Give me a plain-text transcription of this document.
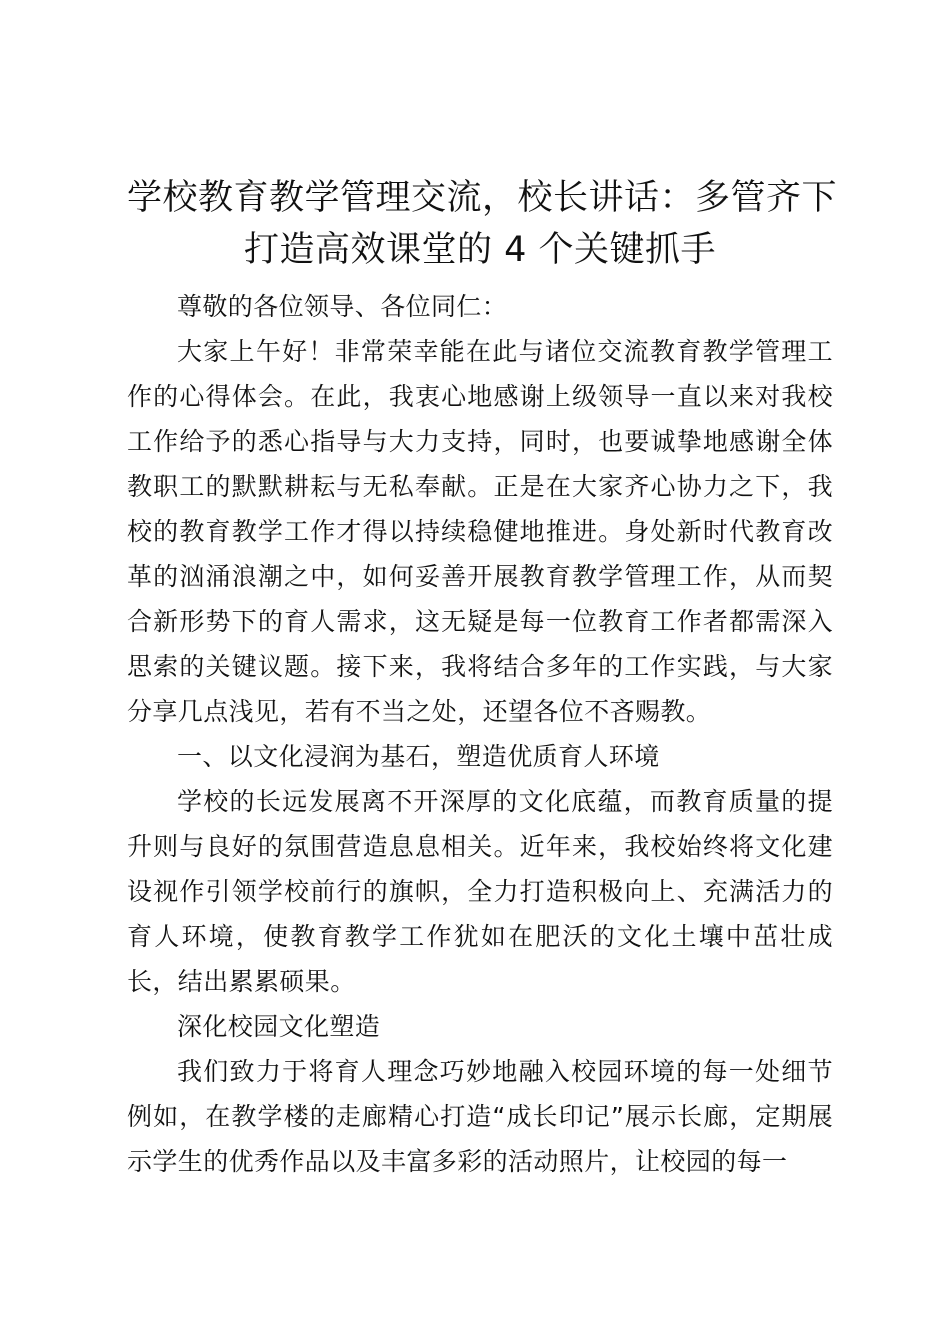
学校教育教学管理交流，校长讲话：多管齐下
打造高效课堂的 4 个关键抓手

尊敬的各位领导、各位同仁：

大家上午好！非常荣幸能在此与诸位交流教育教学管理工作的心得体会。在此，我衷心地感谢上级领导一直以来对我校工作给予的悉心指导与大力支持，同时，也要诚挚地感谢全体教职工的默默耕耘与无私奉献。正是在大家齐心协力之下，我校的教育教学工作才得以持续稳健地推进。身处新时代教育改革的汹涌浪潮之中，如何妥善开展教育教学管理工作，从而契合新形势下的育人需求，这无疑是每一位教育工作者都需深入思索的关键议题。接下来，我将结合多年的工作实践，与大家分享几点浅见，若有不当之处，还望各位不吝赐教。

一、以文化浸润为基石，塑造优质育人环境

学校的长远发展离不开深厚的文化底蕴，而教育质量的提升则与良好的氛围营造息息相关。近年来，我校始终将文化建设视作引领学校前行的旗帜，全力打造积极向上、充满活力的育人环境，使教育教学工作犹如在肥沃的文化土壤中茁壮成长，结出累累硕果。

深化校园文化塑造

我们致力于将育人理念巧妙地融入校园环境的每一处细节例如，在教学楼的走廊精心打造“成长印记”展示长廊，定期展示学生的优秀作品以及丰富多彩的活动照片，让校园的每一
